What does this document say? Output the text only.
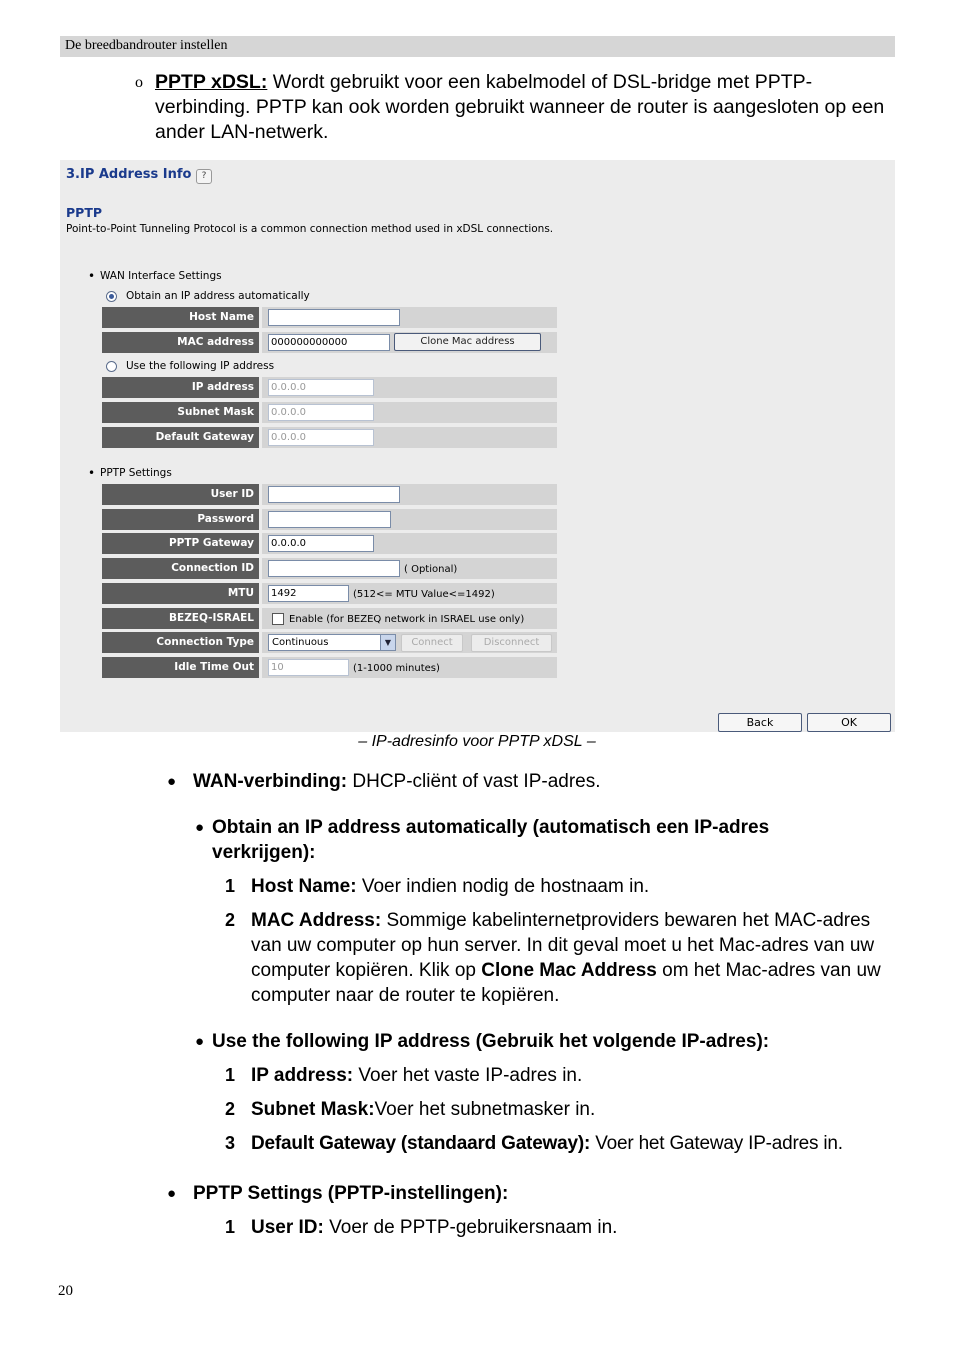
De breedbandrouter instellen
o PPTP xDSL: Wordt gebruikt voor een kabelmodel of DSL-bridge met PPTP-verbinding. PPTP kan ook worden gebruikt wanneer de router is aangesloten op een ander LAN-netwerk.
3.IP Address Info	?
PPTP
Point-to-Point Tunneling Protocol is a common connection method used in xDSL connections.
• WAN Interface Settings
Obtain an IP address automatically
Host Name
MAC address	000000000000	Clone Mac address
Use the following IP address
IP address	0.0.0.0
Subnet Mask	0.0.0.0
Default Gateway	0.0.0.0
• PPTP Settings
User ID
Password
PPTP Gateway	0.0.0.0
Connection ID	( Optional)
MTU	1492	(512<= MTU Value<=1492)
BEZEQ-ISRAEL	Enable (for BEZEQ network in ISRAEL use only)
Connection Type	Continuous	▼	Connect	Disconnect
Idle Time Out	10	(1-1000 minutes)
Back	OK
– IP-adresinfo voor PPTP xDSL –
● WAN-verbinding: DHCP-cliënt of vast IP-adres.
● Obtain an IP address automatically (automatisch een IP-adres verkrijgen):
1 Host Name: Voer indien nodig de hostnaam in.
2 MAC Address: Sommige kabelinternetproviders bewaren het MAC-adres van uw computer op hun server. In dit geval moet u het Mac-adres van uw computer kopiëren. Klik op Clone Mac Address om het Mac-adres van uw computer naar de router te kopiëren.
● Use the following IP address (Gebruik het volgende IP-adres):
1 IP address: Voer het vaste IP-adres in.
2 Subnet Mask:Voer het subnetmasker in.
3 Default Gateway (standaard Gateway): Voer het Gateway IP-adres in.
● PPTP Settings (PPTP-instellingen):
1 User ID: Voer de PPTP-gebruikersnaam in.
20
